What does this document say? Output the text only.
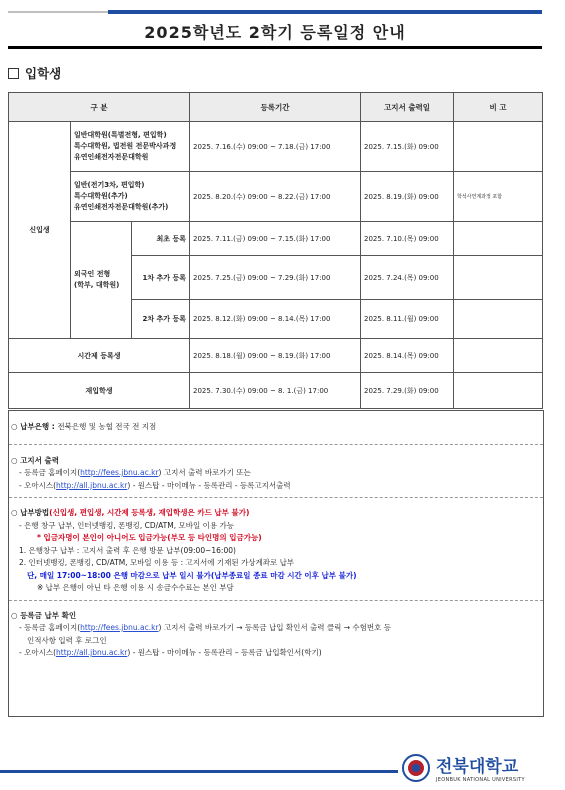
2025학년도 2학기 등록일정 안내
입학생
구 분			등록기간	고지서 출력일	비 고
신입생	일반대학원(특별전형, 편입학)
특수대학원, 법전원 전문박사과정
유연인쇄전자전문대학원		2025. 7.16.(수) 09:00 ~ 7.18.(금) 17:00	2025. 7.15.(화) 09:00	

	일반(전기3차, 편입학)
특수대학원(추가)
유연인쇄전자전문대학원(추가)		2025. 8.20.(수) 09:00 ~ 8.22.(금) 17:00	2025. 8.19.(화) 09:00	학석사연계과정 포함

	외국인 전형
(학부, 대학원)	최초 등록	2025. 7.11.(금) 09:00 ~ 7.15.(화) 17:00	2025. 7.10.(목) 09:00	
		1차 추가 등록	2025. 7.25.(금) 09:00 ~ 7.29.(화) 17:00	2025. 7.24.(목) 09:00	
		2차 추가 등록	2025. 8.12.(화) 09:00 ~ 8.14.(목) 17:00	2025. 8.11.(월) 09:00	
시간제 등록생			2025. 8.18.(월) 09:00 ~ 8.19.(화) 17:00	2025. 8.14.(목) 09:00	
재입학생			2025. 7.30.(수) 09:00 ~ 8. 1.(금) 17:00	2025. 7.29.(화) 09:00	
○ 납부은행 : 전북은행 및 농협 전국 전 지점
○ 고지서 출력
- 등록금 홈페이지(http://fees.jbnu.ac.kr) 고지서 출력 바로가기 또는
- 오아시스(http://all.jbnu.ac.kr) - 원스탑 - 마이메뉴 - 등록관리 - 등록고지서출력
○ 납부방법(신입생, 편입생, 시간제 등록생, 재입학생은 카드 납부 불가)
- 은행 창구 납부, 인터넷뱅킹, 폰뱅킹, CD/ATM, 모바일 이용 가능
* 입금자명이 본인이 아니어도 입금가능(부모 등 타인명의 입금가능)
1. 은행창구 납부 : 고지서 출력 후 은행 방문 납부(09:00~16:00)
2. 인터넷뱅킹, 폰뱅킹, CD/ATM, 모바일 이용 등 : 고지서에 기재된 가상계좌로 납부
단, 매일 17:00~18:00 은행 마감으로 납부 일시 불가(납부종료일 종료 마감 시간 이후 납부 불가)
※ 납부 은행이 아닌 타 은행 이용 시 송금수수료는 본인 부담
○ 등록금 납부 확인
- 등록금 홈페이지(http://fees.jbnu.ac.kr) 고지서 출력 바로가기 → 등록금 납입 확인서 출력 클릭 → 수험번호 등
인적사항 입력 후 로그인
- 오아시스(http://all.jbnu.ac.kr) - 원스탑 - 마이메뉴 - 등록관리 – 등록금 납입확인서(학기)
전북대학교
JEONBUK NATIONAL UNIVERSITY
